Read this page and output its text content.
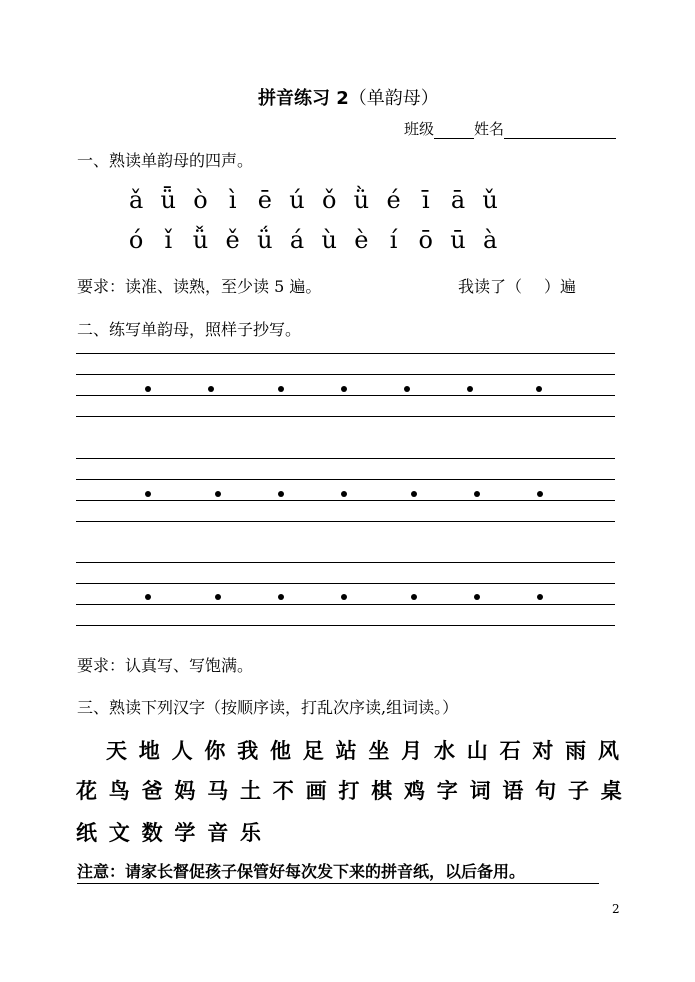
拼音练习 2（单韵母）
班级	姓名
一、熟读单韵母的四声。
ǎ ǖ ò ì ē ú ǒ ǜ é ī ā ǔ
ó ǐ ǚ ě ǘ á ù è í ō ū à
要求：读准、读熟，至少读 5 遍。	我读了（ ）遍
二、练写单韵母，照样子抄写。
要求：认真写、写饱满。
三、熟读下列汉字（按顺序读，打乱次序读,组词读。）
天 地 人 你 我 他 足 站 坐 月 水 山 石 对 雨 风
花 鸟 爸 妈 马 土 不 画 打 棋 鸡 字 词 语 句 子 桌
纸 文 数 学 音 乐
注意：请家长督促孩子保管好每次发下来的拼音纸，以后备用。
2
